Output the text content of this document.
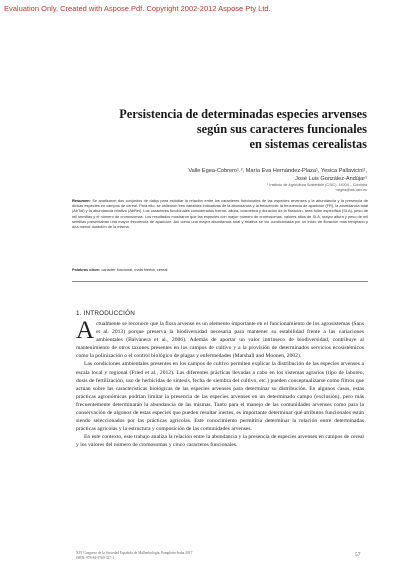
Evaluation Only. Created with Aspose.Pdf. Copyright 2002-2012 Aspose Pty Ltd.
Persistencia de determinadas especies arvenses
según sus caracteres funcionales
en sistemas cerealistas
Valle Egea-Cobrero¹˒², María Eva Hernández-Plaza¹, Yesica Pallavicini¹,
José Luis González-Andújar¹
¹ Instituto de Agricultura Sostenible (CSIC). 14004 – Córdoba
vegea@ias.csic.es
Resumen: Se analizaron dos conjuntos de datos para estudiar la relación entre los caracteres funcionales de las especies arvenses y la abundancia y la presencia de dichas especies en campos de cereal. Para ello, se utilizaron tres variables indicativas de la abundancia y la frecuencia: la frecuencia de aparición (FR), la abundancia total (AbTot) y la abundancia relativa (AbRel). Los caracteres funcionales considerados fueron: altura, cosmética y duración de la floración, área foliar específica (SLA), peso de mil semillas y el número de cromosomas. Los resultados mostraron que las especies con mayor número de cromosomas, valores altos de SLA, mayor altura y peso de mil semillas presentaban una mayor frecuencia de aparición. Así como una mayor abundancia total y relativa se vio condicionada por un inicio de floración más temprano y una menor duración de la misma.
Palabras clave: carácter funcional, mala hierba, cereal.
1. INTRODUCCIÓN

Actualmente se reconoce que la flora arvense es un elemento importante en el funcionamiento de los agrosistemas (Sans et al. 2013) porque preserva la biodiversidad necesaria para mantener su estabilidad frente a las variaciones ambientales (Balvanera et al., 2006). Además de aportar un valor intrínseco de biodiversidad, contribuye al mantenimiento de otros taxones presentes en los campos de cultivo y a la provisión de determinados servicios ecosistémicos como la polinización o el control biológico de plagas y enfermedades (Marshall and Moonen, 2002).

Las condiciones ambientales presentes en los campos de cultivo permiten explicar la distribución de las especies arvenses a escala local y regional (Fried et al., 2012). Las diferentes prácticas llevadas a cabo en los sistemas agrarios (tipo de laboreo, dosis de fertilización, uso de herbicidas de síntesis, fecha de siembra del cultivo, etc.) pueden conceptualizarse como filtros que actúan sobre las características biológicas de las especies arvenses para determinar su distribución. En algunos casos, estas prácticas agronómicas podrían limitar la presencia de las especies arvenses en un determinado campo (exclusión), pero más frecuentemente determinarán la abundancia de las mismas. Tanto para el manejo de las comunidades arvenses como para la conservación de algunos de estas especies que pueden resultar inertes, es importante determinar qué atributos funcionales están siendo seleccionados por las prácticas agrícolas. Este conocimiento permitiría determinar la relación entre determinadas prácticas agrícolas y la estructura y composición de las comunidades arvenses.

En este contexto, este trabajo analiza la relación entre la abundancia y la presencia de especies arvenses en campos de cereal y los valores del número de cromosomas y cinco caracteres funcionales.

XVI Congreso de la Sociedad Española de Malherbología, Pamplona-Iruña 2017
ISBN: 978-84-9769-327-1	57
